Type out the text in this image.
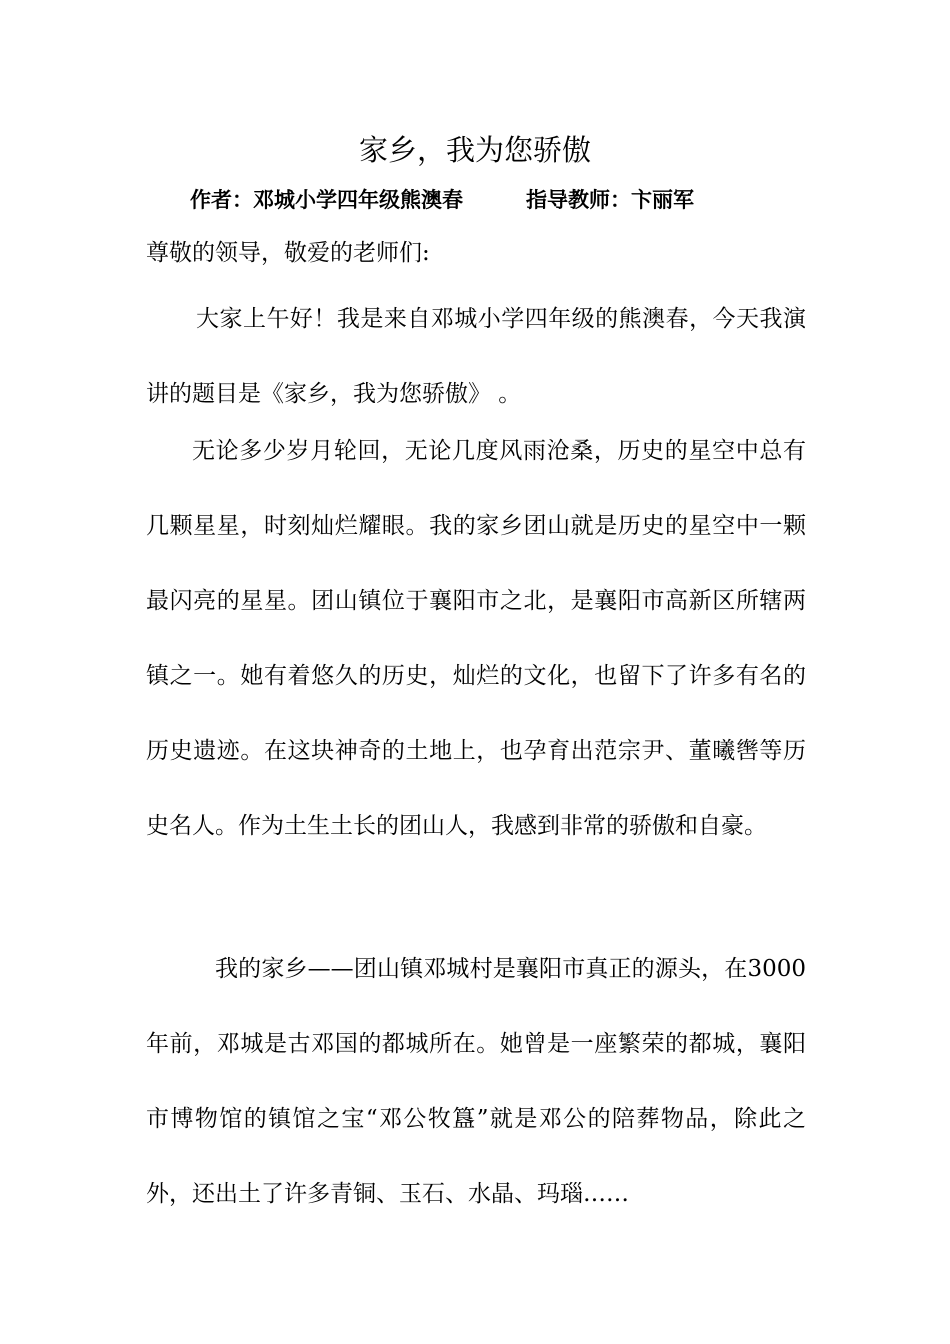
家乡，我为您骄傲
作者：邓城小学四年级熊澳春	指导教师：卞丽军
尊敬的领导，敬爱的老师们:

大家上午好！我是来自邓城小学四年级的熊澳春，今天我演讲的题目是《家乡，我为您骄傲》 。

无论多少岁月轮回，无论几度风雨沧桑，历史的星空中总有几颗星星，时刻灿烂耀眼。我的家乡团山就是历史的星空中一颗最闪亮的星星。团山镇位于襄阳市之北，是襄阳市高新区所辖两镇之一。她有着悠久的历史，灿烂的文化，也留下了许多有名的历史遗迹。在这块神奇的土地上，也孕育出范宗尹、董曦辔等历史名人。作为土生土长的团山人，我感到非常的骄傲和自豪。

我的家乡——团山镇邓城村是襄阳市真正的源头，在3000年前，邓城是古邓国的都城所在。她曾是一座繁荣的都城，襄阳市博物馆的镇馆之宝“邓公牧簋”就是邓公的陪葬物品，除此之外，还出土了许多青铜、玉石、水晶、玛瑙……
